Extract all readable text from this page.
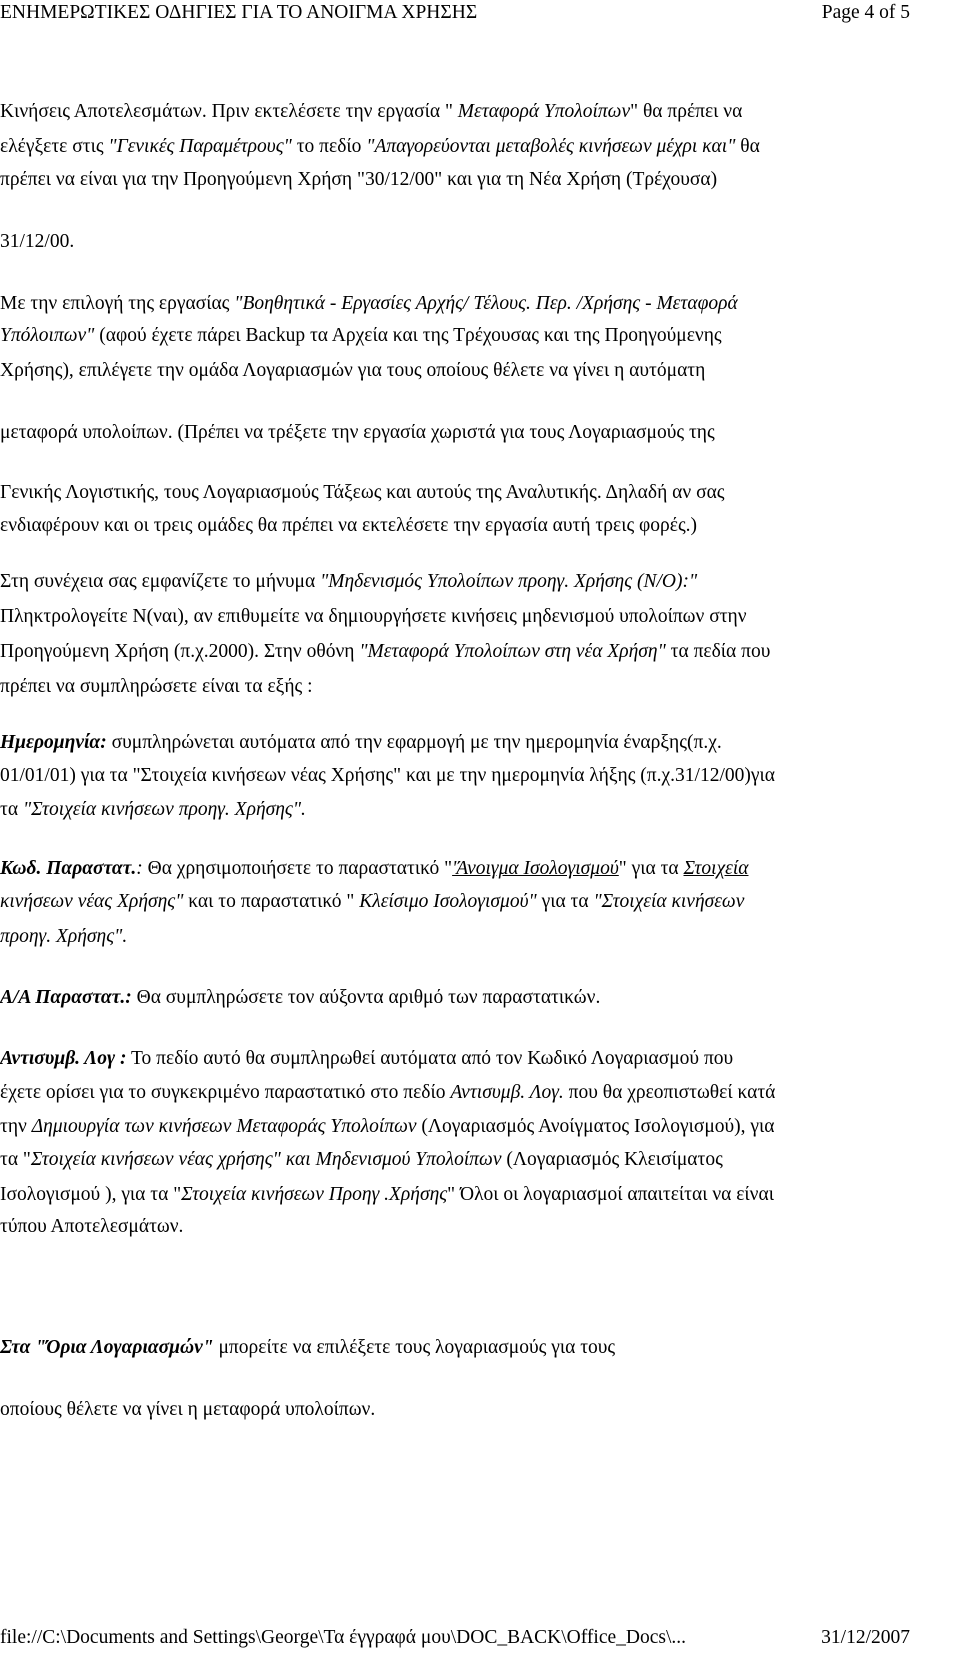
ΕΝΗΜΕΡΩΤΙΚΕΣ ΟΔΗΓΙΕΣ ΓΙΑ ΤΟ ΑΝΟΙΓΜΑ ΧΡΗΣΗΣ	Page 4 of 5
Κινήσεις Αποτελεσμάτων. Πριν εκτελέσετε την εργασία " Μεταφορά Υπολοίπων" θα πρέπει να
ελέγξετε στις "Γενικές Παραμέτρους" το πεδίο "Απαγορεύονται μεταβολές κινήσεων μέχρι και" θα
πρέπει να είναι για την Προηγούμενη Χρήση "30/12/00" και για τη Νέα Χρήση (Τρέχουσα)
31/12/00.
Με την επιλογή της εργασίας "Βοηθητικά - Εργασίες Αρχής/ Τέλους. Περ. /Χρήσης - Μεταφορά
Υπόλοιπων" (αφού έχετε πάρει Backup τα Αρχεία και της Τρέχουσας και της Προηγούμενης
Χρήσης), επιλέγετε την ομάδα Λογαριασμών για τους οποίους θέλετε να γίνει η αυτόματη
μεταφορά υπολοίπων. (Πρέπει να τρέξετε την εργασία χωριστά για τους Λογαριασμούς της
Γενικής Λογιστικής, τους Λογαριασμούς Τάξεως και αυτούς της Αναλυτικής. Δηλαδή αν σας
ενδιαφέρουν και οι τρεις ομάδες θα πρέπει να εκτελέσετε την εργασία αυτή τρεις φορές.)
Στη συνέχεια σας εμφανίζετε το μήνυμα "Μηδενισμός Υπολοίπων προηγ. Χρήσης (Ν/Ο):"
Πληκτρολογείτε Ν(ναι), αν επιθυμείτε να δημιουργήσετε κινήσεις μηδενισμού υπολοίπων στην
Προηγούμενη Χρήση (π.χ.2000). Στην οθόνη "Μεταφορά Υπολοίπων στη νέα Χρήση" τα πεδία που
πρέπει να συμπληρώσετε είναι τα εξής :
Ημερομηνία: συμπληρώνεται αυτόματα από την εφαρμογή με την ημερομηνία έναρξης(π.χ.
01/01/01) για τα "Στοιχεία κινήσεων νέας Χρήσης" και με την ημερομηνία λήξης (π.χ.31/12/00)για
τα "Στοιχεία κινήσεων προηγ. Χρήσης".
Κωδ. Παραστατ.: Θα χρησιμοποιήσετε το παραστατικό "'Άνοιγμα Ισολογισμού" για τα Στοιχεία
κινήσεων νέας Χρήσης" και το παραστατικό " Κλείσιμο Ισολογισμού" για τα "Στοιχεία κινήσεων
προηγ. Χρήσης".
Α/Α Παραστατ.: Θα συμπληρώσετε τον αύξοντα αριθμό των παραστατικών.
Αντισυμβ. Λογ : Το πεδίο αυτό θα συμπληρωθεί αυτόματα από τον Κωδικό Λογαριασμού που
έχετε ορίσει για το συγκεκριμένο παραστατικό στο πεδίο Αντισυμβ. Λογ. που θα χρεοπιστωθεί κατά
την Δημιουργία των κινήσεων Μεταφοράς Υπολοίπων (Λογαριασμός Ανοίγματος Ισολογισμού), για
τα "Στοιχεία κινήσεων νέας χρήσης" και Μηδενισμού Υπολοίπων (Λογαριασμός Κλεισίματος
Ισολογισμού ), για τα "Στοιχεία κινήσεων Προηγ .Χρήσης" Όλοι οι λογαριασμοί απαιτείται να είναι
τύπου Αποτελεσμάτων.
Στα "Όρια Λογαριασμών" μπορείτε να επιλέξετε τους λογαριασμούς για τους
οποίους θέλετε να γίνει η μεταφορά υπολοίπων.
file://C:\Documents and Settings\George\Τα έγγραφά μου\DOC_BACK\Office_Docs\...	31/12/2007
